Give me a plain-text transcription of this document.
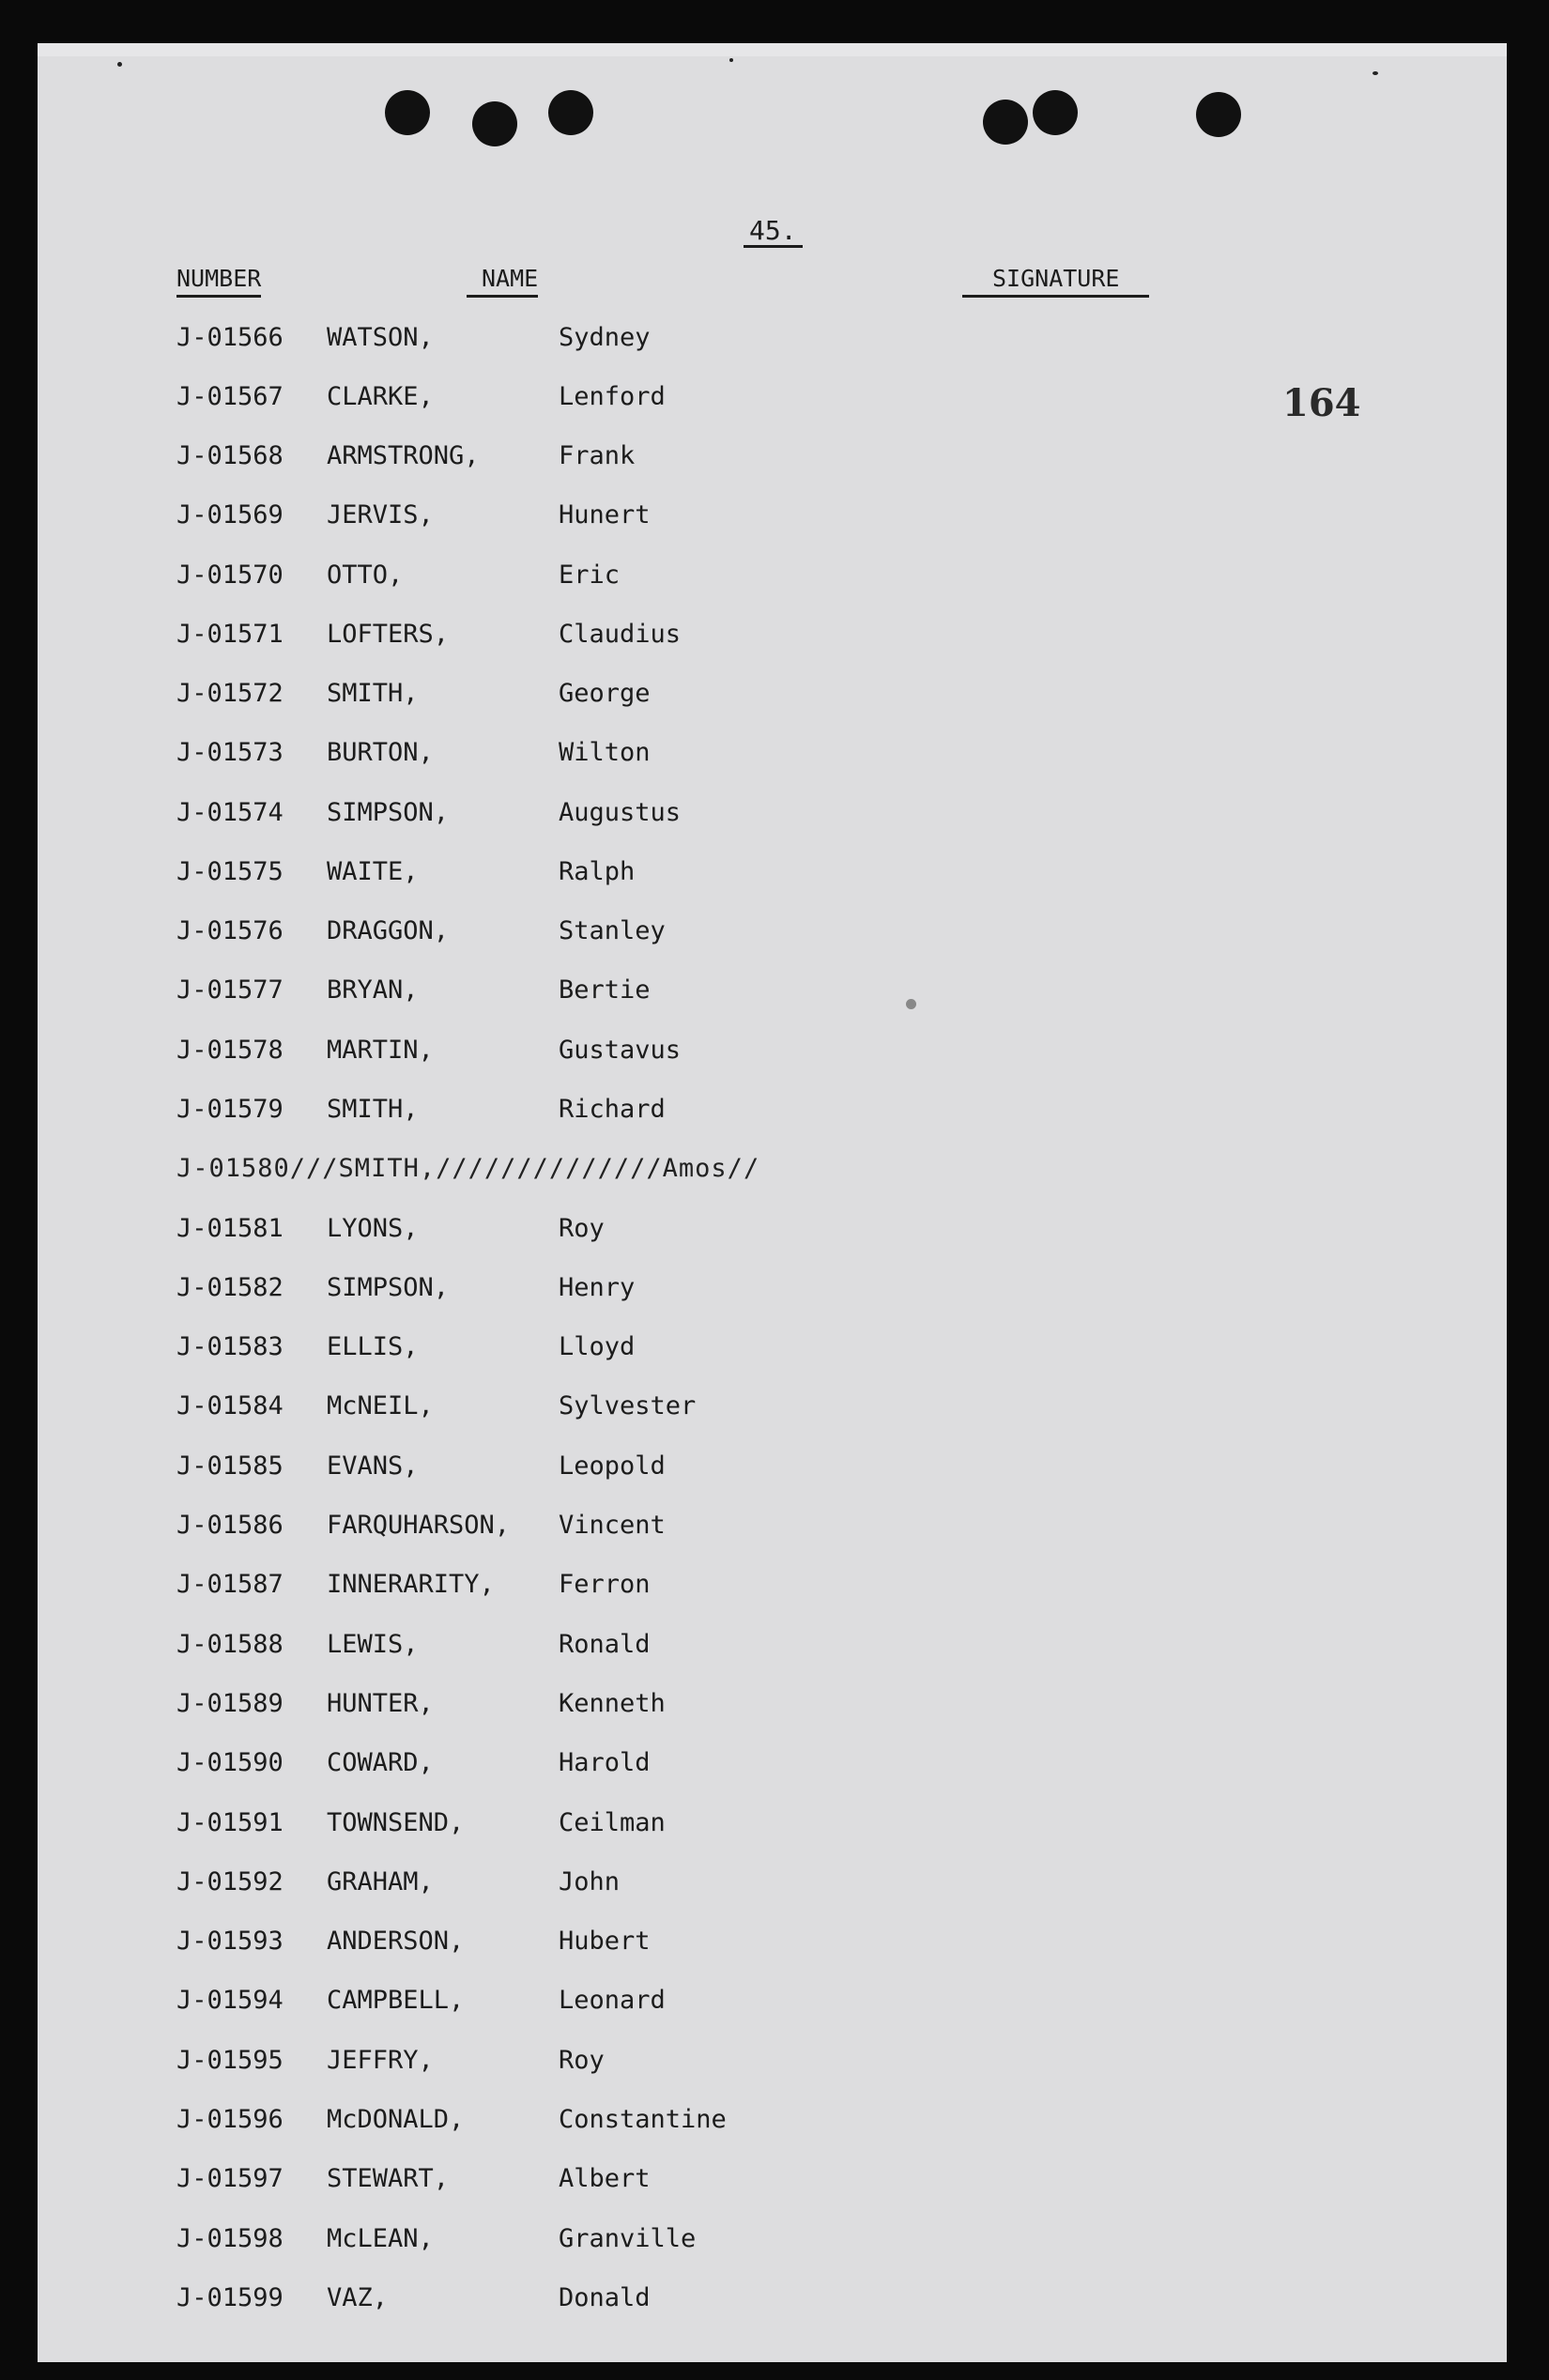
45.
164
NUMBER	NAME	SIGNATURE
J-01566 WATSON,	Sydney
J-01567 CLARKE,	Lenford
J-01568 ARMSTRONG,	Frank
J-01569 JERVIS,	Hunert
J-01570 OTTO,	Eric
J-01571 LOFTERS,	Claudius
J-01572 SMITH,	George
J-01573 BURTON,	Wilton
J-01574 SIMPSON,	Augustus
J-01575 WAITE,	Ralph
J-01576 DRAGGON,	Stanley
J-01577 BRYAN,	Bertie
J-01578 MARTIN,	Gustavus
J-01579 SMITH,	Richard
J-01580///SMITH,//////////////Amos//
J-01581 LYONS,	Roy
J-01582 SIMPSON,	Henry
J-01583 ELLIS,	Lloyd
J-01584 McNEIL,	Sylvester
J-01585 EVANS,	Leopold
J-01586 FARQUHARSON, Vincent
J-01587 INNERARITY,	Ferron
J-01588 LEWIS,	Ronald
J-01589 HUNTER,	Kenneth
J-01590 COWARD,	Harold
J-01591 TOWNSEND,	Ceilman
J-01592 GRAHAM,	John
J-01593 ANDERSON,	Hubert
J-01594 CAMPBELL,	Leonard
J-01595 JEFFRY,	Roy
J-01596 McDONALD,	Constantine
J-01597 STEWART,	Albert
J-01598 McLEAN,	Granville
J-01599 VAZ,	Donald
